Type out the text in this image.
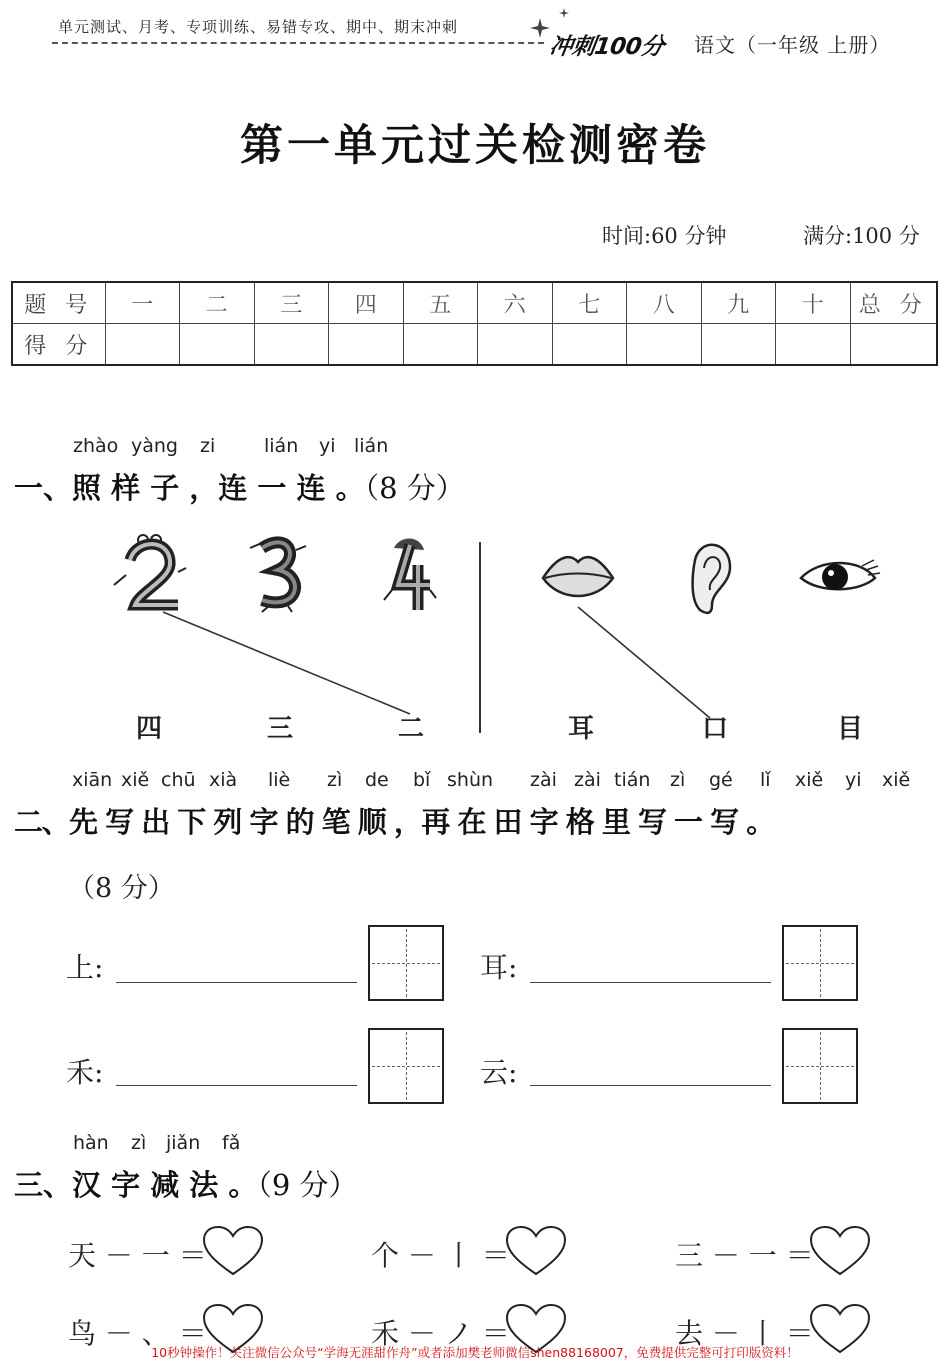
单元测试、月考、专项训练、易错专攻、期中、期末冲刺
冲刺100分 语文（一年级 上册）
第一单元过关检测密卷
时间:60 分钟	满分:100 分
题 号	一	二	三	四	五	六	七	八	九	十	总 分
得 分											
zhào yàng zi	lián yi lián
一、照 样 子 ，连 一 连 。（8 分）
四	三	二	耳	口	目
xiān xiě chū xià liè zì de bǐ shùn zài zài tián zì gé lǐ xiě yi xiě
二、先 写 出 下 列 字 的 笔 顺 ，再 在 田 字 格 里 写 一 写 。
（8 分）
上:	耳:
禾:	云:
hàn zì jiǎn fǎ
三、汉 字 减 法 。（9 分）
天 － 一 ＝	个 － 丨 ＝	三 － 一 ＝
鸟 － 、 ＝	禾 － ノ ＝	去 － 丨 ＝
10秒钟操作！关注微信公众号“学海无涯甜作舟”或者添加樊老师微信shen88168007，免费提供完整可打印版资料！
